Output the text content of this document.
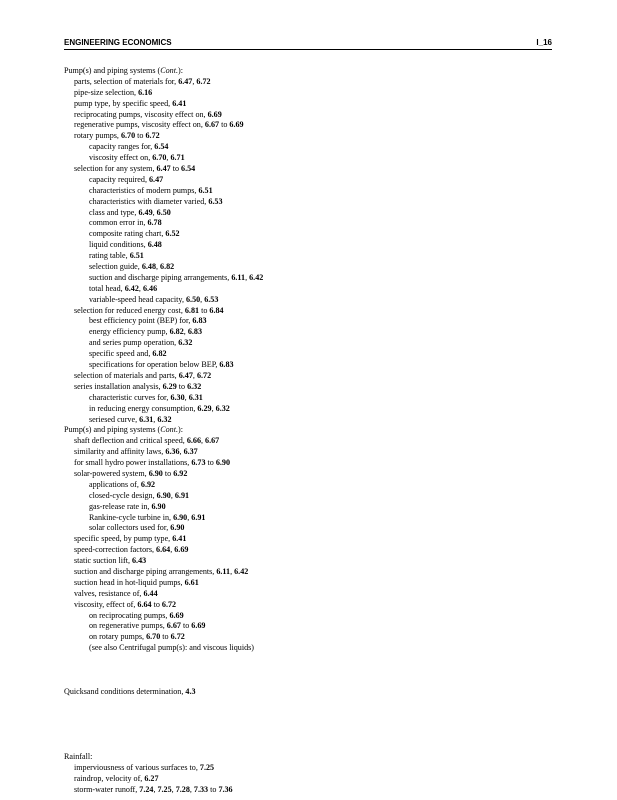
ENGINEERING ECONOMICS	I_16
Pump(s) and piping systems (Cont.):
parts, selection of materials for, 6.47, 6.72
pipe-size selection, 6.16
pump type, by specific speed, 6.41
reciprocating pumps, viscosity effect on, 6.69
regenerative pumps, viscosity effect on, 6.67 to 6.69
rotary pumps, 6.70 to 6.72
capacity ranges for, 6.54
viscosity effect on, 6.70, 6.71
selection for any system, 6.47 to 6.54
capacity required, 6.47
characteristics of modern pumps, 6.51
characteristics with diameter varied, 6.53
class and type, 6.49, 6.50
common error in, 6.78
composite rating chart, 6.52
liquid conditions, 6.48
rating table, 6.51
selection guide, 6.48, 6.82
suction and discharge piping arrangements, 6.11, 6.42
total head, 6.42, 6.46
variable-speed head capacity, 6.50, 6.53
selection for reduced energy cost, 6.81 to 6.84
best efficiency point (BEP) for, 6.83
energy efficiency pump, 6.82, 6.83
and series pump operation, 6.32
specific speed and, 6.82
specifications for operation below BEP, 6.83
selection of materials and parts, 6.47, 6.72
series installation analysis, 6.29 to 6.32
characteristic curves for, 6.30, 6.31
in reducing energy consumption, 6.29, 6.32
seriesed curve, 6.31, 6.32
Pump(s) and piping systems (Cont.):
shaft deflection and critical speed, 6.66, 6.67
similarity and affinity laws, 6.36, 6.37
for small hydro power installations, 6.73 to 6.90
solar-powered system, 6.90 to 6.92
applications of, 6.92
closed-cycle design, 6.90, 6.91
gas-release rate in, 6.90
Rankine-cycle turbine in, 6.90, 6.91
solar collectors used for, 6.90
specific speed, by pump type, 6.41
speed-correction factors, 6.64, 6.69
static suction lift, 6.43
suction and discharge piping arrangements, 6.11, 6.42
suction head in hot-liquid pumps, 6.61
valves, resistance of, 6.44
viscosity, effect of, 6.64 to 6.72
on reciprocating pumps, 6.69
on regenerative pumps, 6.67 to 6.69
on rotary pumps, 6.70 to 6.72
(see also Centrifugal pump(s): and viscous liquids)
Quicksand conditions determination, 4.3
Rainfall:
imperviousness of various surfaces to, 7.25
raindrop, velocity of, 6.27
storm-water runoff, 7.24, 7.25, 7.28, 7.33 to 7.36
